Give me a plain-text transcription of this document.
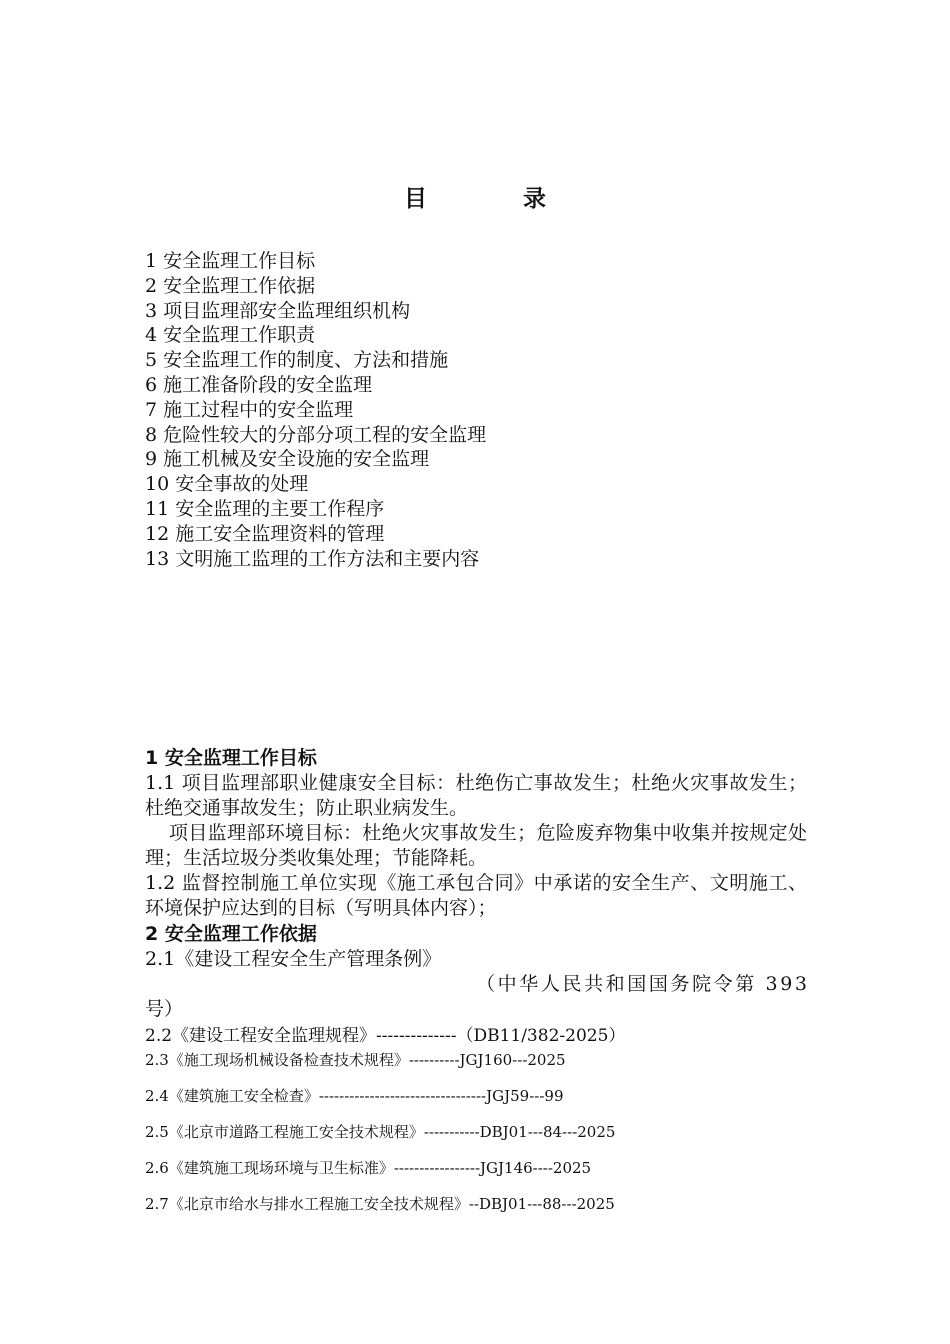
目 录
1 安全监理工作目标
2 安全监理工作依据
3 项目监理部安全监理组织机构
4 安全监理工作职责
5 安全监理工作的制度、方法和措施
6 施工准备阶段的安全监理
7 施工过程中的安全监理
8 危险性较大的分部分项工程的安全监理
9 施工机械及安全设施的安全监理
10 安全事故的处理
11 安全监理的主要工作程序
12 施工安全监理资料的管理
13 文明施工监理的工作方法和主要内容
1 安全监理工作目标
1.1 项目监理部职业健康安全目标：杜绝伤亡事故发生；杜绝火灾事故发生；杜绝交通事故发生；防止职业病发生。
项目监理部环境目标：杜绝火灾事故发生；危险废弃物集中收集并按规定处理；生活垃圾分类收集处理；节能降耗。
1.2 监督控制施工单位实现《施工承包合同》中承诺的安全生产、文明施工、环境保护应达到的目标（写明具体内容）；
2 安全监理工作依据
2.1《建设工程安全生产管理条例》
（中华人民共和国国务院令第 393
号）
2.2《建设工程安全监理规程》--------------（DB11/382-2025）
2.3《施工现场机械设备检查技术规程》----------JGJ160---2025
2.4《建筑施工安全检查》---------------------------------JGJ59---99
2.5《北京市道路工程施工安全技术规程》-----------DBJ01---84---2025
2.6《建筑施工现场环境与卫生标准》-----------------JGJ146----2025
2.7《北京市给水与排水工程施工安全技术规程》--DBJ01---88---2025
